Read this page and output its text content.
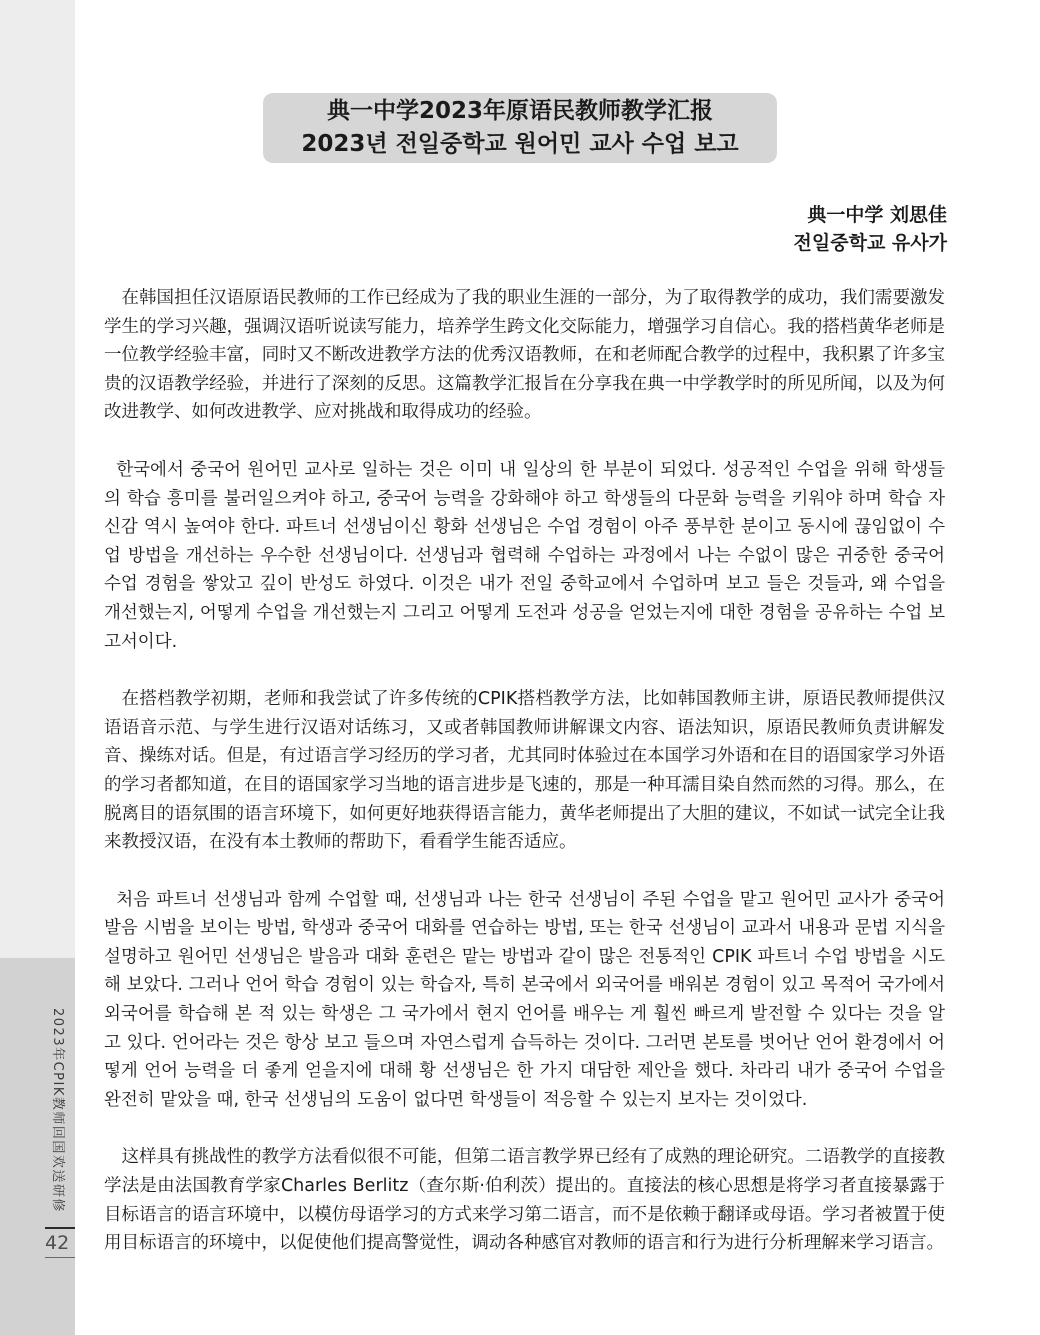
2023年CPIK教师回国欢送研修
42
典一中学2023年原语民教师教学汇报
2023년 전일중학교 원어민 교사 수업 보고
典一中学 刘思佳
전일중학교 유사가

在韩国担任汉语原语民教师的工作已经成为了我的职业生涯的一部分，为了取得教学的成功，我们需要激发学生的学习兴趣，强调汉语听说读写能力，培养学生跨文化交际能力，增强学习自信心。我的搭档黄华老师是一位教学经验丰富，同时又不断改进教学方法的优秀汉语教师，在和老师配合教学的过程中，我积累了许多宝贵的汉语教学经验，并进行了深刻的反思。这篇教学汇报旨在分享我在典一中学教学时的所见所闻，以及为何改进教学、如何改进教学、应对挑战和取得成功的经验。

한국에서 중국어 원어민 교사로 일하는 것은 이미 내 일상의 한 부분이 되었다. 성공적인 수업을 위해 학생들의 학습 흥미를 불러일으켜야 하고, 중국어 능력을 강화해야 하고 학생들의 다문화 능력을 키워야 하며 학습 자신감 역시 높여야 한다. 파트너 선생님이신 황화 선생님은 수업 경험이 아주 풍부한 분이고 동시에 끊임없이 수업 방법을 개선하는 우수한 선생님이다. 선생님과 협력해 수업하는 과정에서 나는 수없이 많은 귀중한 중국어 수업 경험을 쌓았고 깊이 반성도 하였다. 이것은 내가 전일 중학교에서 수업하며 보고 들은 것들과, 왜 수업을 개선했는지, 어떻게 수업을 개선했는지 그리고 어떻게 도전과 성공을 얻었는지에 대한 경험을 공유하는 수업 보고서이다.

在搭档教学初期，老师和我尝试了许多传统的CPIK搭档教学方法，比如韩国教师主讲，原语民教师提供汉语语音示范、与学生进行汉语对话练习，又或者韩国教师讲解课文内容、语法知识，原语民教师负责讲解发音、操练对话。但是，有过语言学习经历的学习者，尤其同时体验过在本国学习外语和在目的语国家学习外语的学习者都知道，在目的语国家学习当地的语言进步是飞速的，那是一种耳濡目染自然而然的习得。那么，在脱离目的语氛围的语言环境下，如何更好地获得语言能力，黄华老师提出了大胆的建议，不如试一试完全让我来教授汉语，在没有本土教师的帮助下，看看学生能否适应。

처음 파트너 선생님과 함께 수업할 때, 선생님과 나는 한국 선생님이 주된 수업을 맡고 원어민 교사가 중국어 발음 시범을 보이는 방법, 학생과 중국어 대화를 연습하는 방법, 또는 한국 선생님이 교과서 내용과 문법 지식을 설명하고 원어민 선생님은 발음과 대화 훈련은 맡는 방법과 같이 많은 전통적인 CPIK 파트너 수업 방법을 시도해 보았다. 그러나 언어 학습 경험이 있는 학습자, 특히 본국에서 외국어를 배워본 경험이 있고 목적어 국가에서 외국어를 학습해 본 적 있는 학생은 그 국가에서 현지 언어를 배우는 게 훨씬 빠르게 발전할 수 있다는 것을 알고 있다. 언어라는 것은 항상 보고 들으며 자연스럽게 습득하는 것이다. 그러면 본토를 벗어난 언어 환경에서 어떻게 언어 능력을 더 좋게 얻을지에 대해 황 선생님은 한 가지 대담한 제안을 했다. 차라리 내가 중국어 수업을 완전히 맡았을 때, 한국 선생님의 도움이 없다면 학생들이 적응할 수 있는지 보자는 것이었다.

这样具有挑战性的教学方法看似很不可能，但第二语言教学界已经有了成熟的理论研究。二语教学的直接教学法是由法国教育学家Charles Berlitz（查尔斯·伯利茨）提出的。直接法的核心思想是将学习者直接暴露于目标语言的语言环境中，以模仿母语学习的方式来学习第二语言，而不是依赖于翻译或母语。学习者被置于使用目标语言的环境中，以促使他们提高警觉性，调动各种感官对教师的语言和行为进行分析理解来学习语言。
